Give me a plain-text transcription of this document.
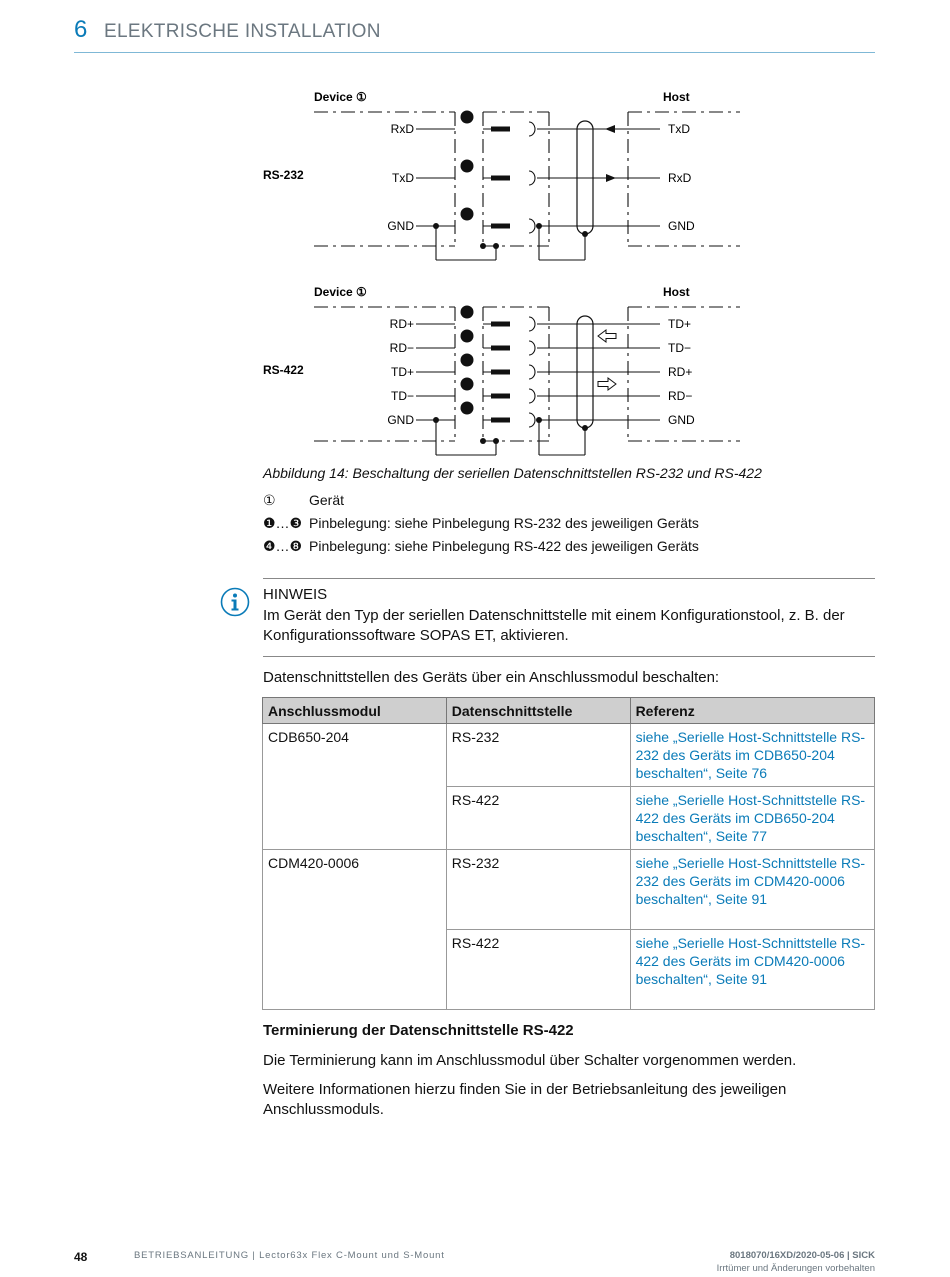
6 ELEKTRISCHE INSTALLATION
Device ①	Host
RS-232
RxD	TxD
TxD	RxD
GND	GND
Device ①	Host
RS-422
RD+	TD+
RD−	TD−
TD+	RD+
TD−	RD−
GND	GND
Abbildung 14: Beschaltung der seriellen Datenschnittstellen RS-232 und RS-422
① Gerät
❶…❸ Pinbelegung: siehe Pinbelegung RS-232 des jeweiligen Geräts
❹…❽ Pinbelegung: siehe Pinbelegung RS-422 des jeweiligen Geräts
HINWEIS
Im Gerät den Typ der seriellen Datenschnittstelle mit einem Konfigurationstool, z. B. der Konfigurationssoftware SOPAS ET, aktivieren.
Datenschnittstellen des Geräts über ein Anschlussmodul beschalten:
Anschlussmodul	Datenschnittstelle	Referenz
CDB650-204	RS-232	siehe „Serielle Host-Schnittstelle RS-232 des Geräts im CDB650-204 beschalten“, Seite 76
	RS-422	siehe „Serielle Host-Schnittstelle RS-422 des Geräts im CDB650-204 beschalten“, Seite 77
CDM420-0006	RS-232	siehe „Serielle Host-Schnittstelle RS-232 des Geräts im CDM420-0006 beschalten“, Seite 91
	RS-422	siehe „Serielle Host-Schnittstelle RS-422 des Geräts im CDM420-0006 beschalten“, Seite 91
Terminierung der Datenschnittstelle RS-422
Die Terminierung kann im Anschlussmodul über Schalter vorgenommen werden.
Weitere Informationen hierzu finden Sie in der Betriebsanleitung des jeweiligen Anschlussmoduls.
48	BETRIEBSANLEITUNG | Lector63x Flex C-Mount und S-Mount	8018070/16XD/2020-05-06 | SICK
Irrtümer und Änderungen vorbehalten
